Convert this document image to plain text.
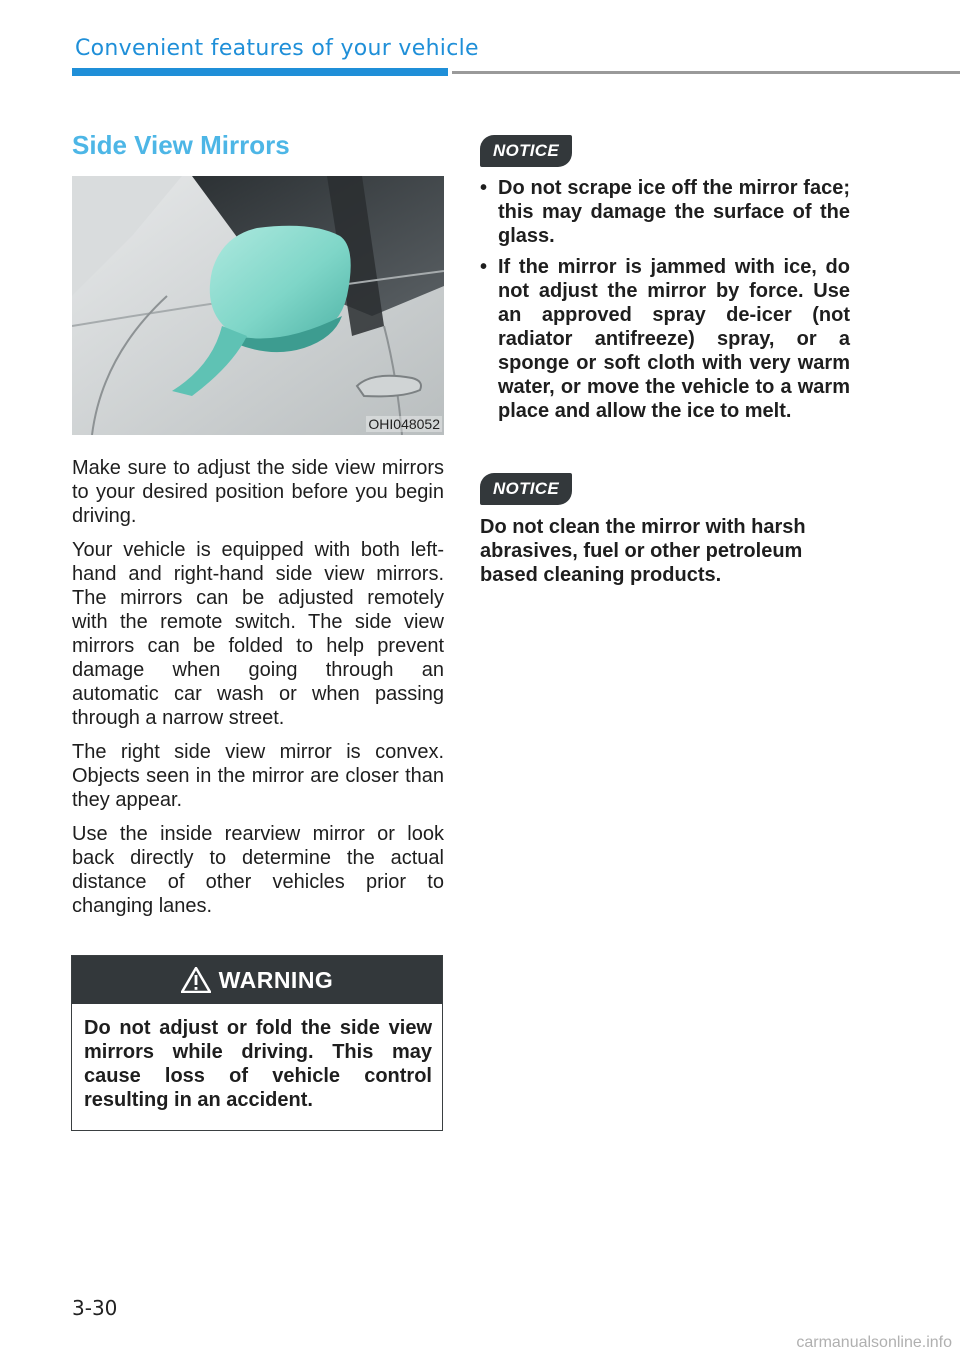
Convenient features of your vehicle
Side View Mirrors
OHI048052

Make sure to adjust the side view mirrors to your desired position before you begin driving.

Your vehicle is equipped with both left-hand and right-hand side view mirrors. The mirrors can be adjusted remotely with the remote switch. The side view mirrors can be folded to help prevent damage when going through an automatic car wash or when passing through a narrow street.

The right side view mirror is convex. Objects seen in the mirror are closer than they appear.

Use the inside rearview mirror or look back directly to determine the actual distance of other vehicles prior to changing lanes.

WARNING
Do not adjust or fold the side view mirrors while driving. This may cause loss of vehicle control resulting in an accident.
NOTICE
• Do not scrape ice off the mirror face; this may damage the surface of the glass.
• If the mirror is jammed with ice, do not adjust the mirror by force. Use an approved spray de-icer (not radiator antifreeze) spray, or a sponge or soft cloth with very warm water, or move the vehicle to a warm place and allow the ice to melt.
NOTICE

Do not clean the mirror with harsh abrasives, fuel or other petroleum based cleaning products.

3-30
carmanualsonline.info
